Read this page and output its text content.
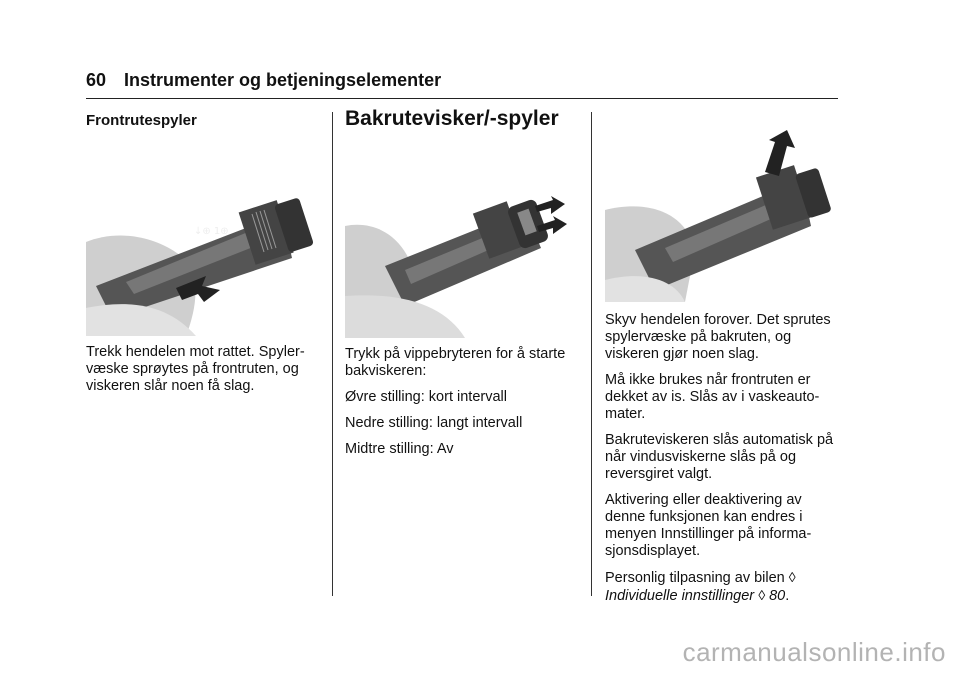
60 Instrumenter og betjeningselementer
Frontrutespyler
↓⊕ 1⊕
Trekk hendelen mot rattet. Spyler-
væske sprøytes på frontruten, og
viskeren slår noen få slag.
Bakrutevisker/-spyler

Trykk på vippebryteren for å starte
bakviskeren:

Øvre stilling: kort intervall

Nedre stilling: langt intervall

Midtre stilling: Av

Skyv hendelen forover. Det sprutes
spylervæske på bakruten, og
viskeren gjør noen slag.

Må ikke brukes når frontruten er
dekket av is. Slås av i vaskeauto-
mater.

Bakruteviskeren slås automatisk på
når vindusviskerne slås på og
reversgiret valgt.

Aktivering eller deaktivering av
denne funksjonen kan endres i
menyen Innstillinger på informa-
sjonsdisplayet.

Personlig tilpasning av bilen ◊
Individuelle innstillinger ◊ 80.

carmanualsonline.info
